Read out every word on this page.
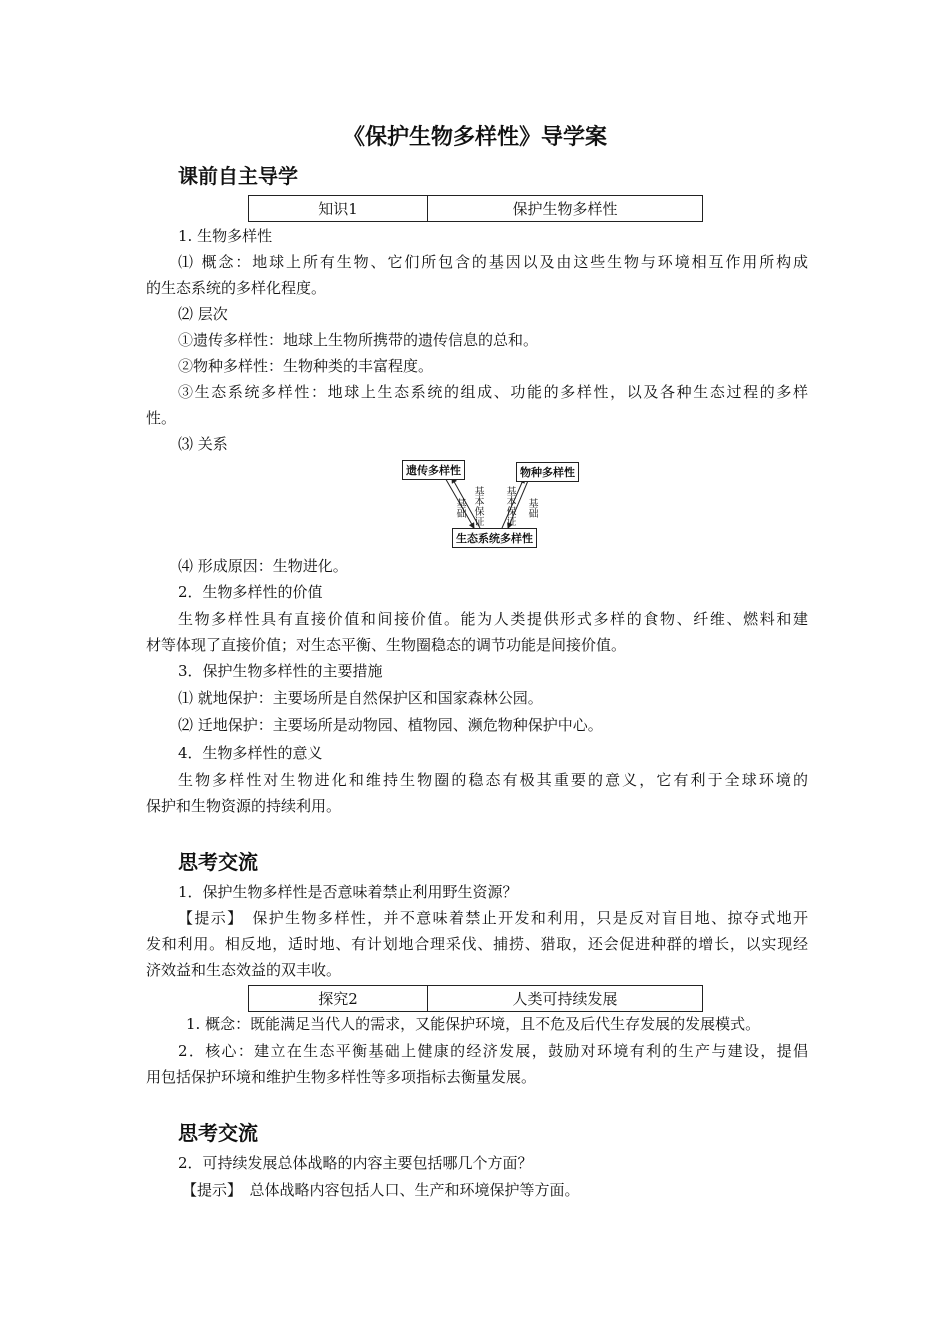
《保护生物多样性》导学案
课前自主导学
知识1	保护生物多样性
1. 生物多样性
⑴ 概念：地球上所有生物、它们所包含的基因以及由这些生物与环境相互作用所构成
的生态系统的多样化程度。
⑵ 层次
①遗传多样性：地球上生物所携带的遗传信息的总和。
②物种多样性：生物种类的丰富程度。
③生态系统多样性：地球上生态系统的组成、功能的多样性，以及各种生态过程的多样
性。
⑶ 关系
遗传多样性	物种多样性
生态系统多样性
基础 基本保证 基本保证 基础
⑷ 形成原因：生物进化。
2．生物多样性的价值
生物多样性具有直接价值和间接价值。能为人类提供形式多样的食物、纤维、燃料和建
材等体现了直接价值；对生态平衡、生物圈稳态的调节功能是间接价值。
3．保护生物多样性的主要措施
⑴ 就地保护：主要场所是自然保护区和国家森林公园。
⑵ 迁地保护：主要场所是动物园、植物园、濒危物种保护中心。
4．生物多样性的意义
生物多样性对生物进化和维持生物圈的稳态有极其重要的意义，它有利于全球环境的
保护和生物资源的持续利用。
思考交流
1．保护生物多样性是否意味着禁止利用野生资源？
【提示】　保护生物多样性，并不意味着禁止开发和利用，只是反对盲目地、掠夺式地开
发和利用。相反地，适时地、有计划地合理采伐、捕捞、猎取，还会促进种群的增长，以实现经
济效益和生态效益的双丰收。
探究2	人类可持续发展
1. 概念：既能满足当代人的需求，又能保护环境，且不危及后代生存发展的发展模式。
2．核心：建立在生态平衡基础上健康的经济发展，鼓励对环境有利的生产与建设，提倡
用包括保护环境和维护生物多样性等多项指标去衡量发展。
思考交流
2．可持续发展总体战略的内容主要包括哪几个方面？
【提示】　总体战略内容包括人口、生产和环境保护等方面。
